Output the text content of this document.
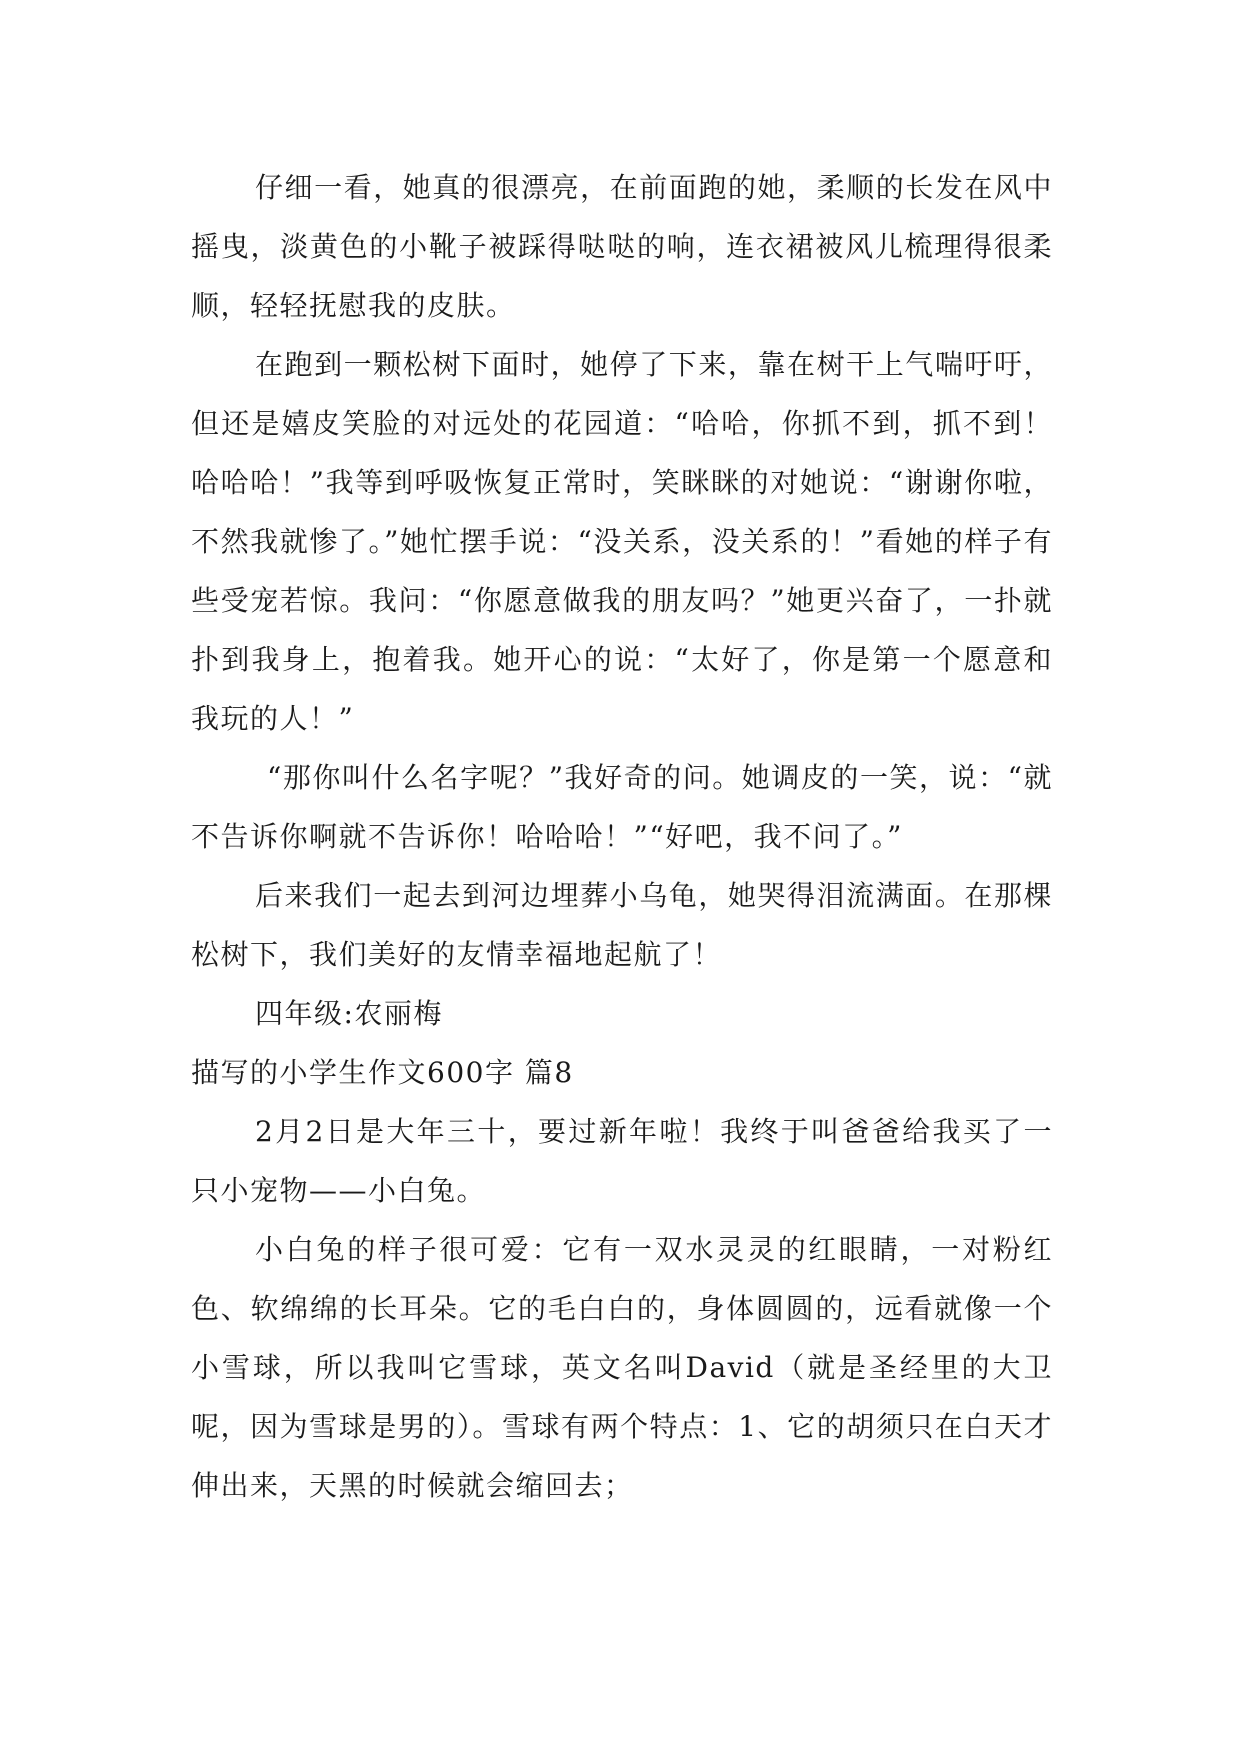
仔细一看，她真的很漂亮，在前面跑的她，柔顺的长发在风中摇曳，淡黄色的小靴子被踩得哒哒的响，连衣裙被风儿梳理得很柔顺，轻轻抚慰我的皮肤。

在跑到一颗松树下面时，她停了下来，靠在树干上气喘吁吁，但还是嬉皮笑脸的对远处的花园道：“哈哈，你抓不到，抓不到！哈哈哈！”我等到呼吸恢复正常时，笑眯眯的对她说：“谢谢你啦，不然我就惨了。”她忙摆手说：“没关系，没关系的！”看她的样子有些受宠若惊。我问：“你愿意做我的朋友吗？”她更兴奋了，一扑就扑到我身上，抱着我。她开心的说：“太好了，你是第一个愿意和我玩的人！”

“那你叫什么名字呢？”我好奇的问。她调皮的一笑，说：“就不告诉你啊就不告诉你！哈哈哈！”“好吧，我不问了。”

后来我们一起去到河边埋葬小乌龟，她哭得泪流满面。在那棵松树下，我们美好的友情幸福地起航了！

四年级:农丽梅

描写的小学生作文600字 篇8

2月2日是大年三十，要过新年啦！我终于叫爸爸给我买了一只小宠物——小白兔。

小白兔的样子很可爱：它有一双水灵灵的红眼睛，一对粉红色、软绵绵的长耳朵。它的毛白白的，身体圆圆的，远看就像一个小雪球，所以我叫它雪球，英文名叫David（就是圣经里的大卫呢，因为雪球是男的）。雪球有两个特点：1、它的胡须只在白天才伸出来，天黑的时候就会缩回去；
